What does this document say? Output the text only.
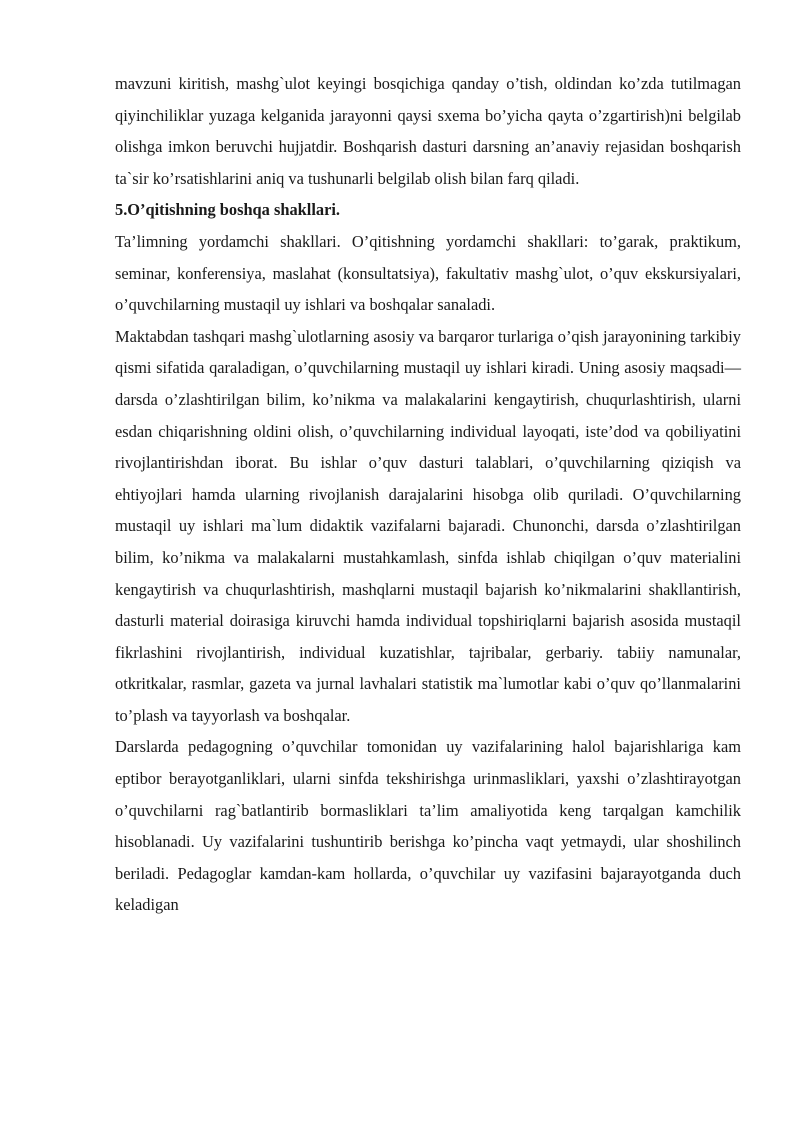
mavzuni kiritish, mashg`ulot keyingi bosqichiga qanday o’tish, oldindan ko’zda tutilmagan qiyinchiliklar yuzaga kelganida jarayonni qaysi sxema bo’yicha qayta o’zgartirish)ni belgilab olishga imkon beruvchi hujjatdir. Boshqarish dasturi darsning an’anaviy rejasidan boshqarish ta`sir ko’rsatishlarini aniq va tushunarli belgilab olish bilan farq qiladi.

5.O’qitishning boshqa shakllari.

Ta’limning yordamchi shakllari. O’qitishning yordamchi shakllari: to’garak, praktikum, seminar, konferensiya, maslahat (konsultatsiya), fakultativ mashg`ulot, o’quv ekskursiyalari, o’quvchilarning mustaqil uy ishlari va boshqalar sanaladi.

Maktabdan tashqari mashg`ulotlarning asosiy va barqaror turlariga o’qish jarayonining tarkibiy qismi sifatida qaraladigan, o’quvchilarning mustaqil uy ishlari kiradi. Uning asosiy maqsadi— darsda o’zlashtirilgan bilim, ko’nikma va malakalarini kengaytirish, chuqurlashtirish, ularni esdan chiqarishning oldini olish, o’quvchilarning individual layoqati, iste’dod va qobiliyatini rivojlantirishdan iborat. Bu ishlar o’quv dasturi talablari, o’quvchilarning qiziqish va ehtiyojlari hamda ularning rivojlanish darajalarini hisobga olib quriladi. O’quvchilarning mustaqil uy ishlari ma`lum didaktik vazifalarni bajaradi. Chunonchi, darsda o’zlashtirilgan bilim, ko’nikma va malakalarni mustahkamlash, sinfda ishlab chiqilgan o’quv materialini kengaytirish va chuqurlashtirish, mashqlarni mustaqil bajarish ko’nikmalarini shakllantirish, dasturli material doirasiga kiruvchi hamda individual topshiriqlarni bajarish asosida mustaqil fikrlashini rivojlantirish, individual kuzatishlar, tajribalar, gerbariy. tabiiy namunalar, otkritkalar, rasmlar, gazeta va jurnal lavhalari statistik ma`lumotlar kabi o’quv qo’llanmalarini to’plash va tayyorlash va boshqalar.

Darslarda pedagogning o’quvchilar tomonidan uy vazifalarining halol bajarishlariga kam eptibor berayotganliklari, ularni sinfda tekshirishga urinmasliklari, yaxshi o’zlashtirayotgan o’quvchilarni rag`batlantirib bormasliklari ta’lim amaliyotida keng tarqalgan kamchilik hisoblanadi. Uy vazifalarini tushuntirib berishga ko’pincha vaqt yetmaydi, ular shoshilinch beriladi. Pedagoglar kamdan-kam hollarda, o’quvchilar uy vazifasini bajarayotganda duch keladigan
